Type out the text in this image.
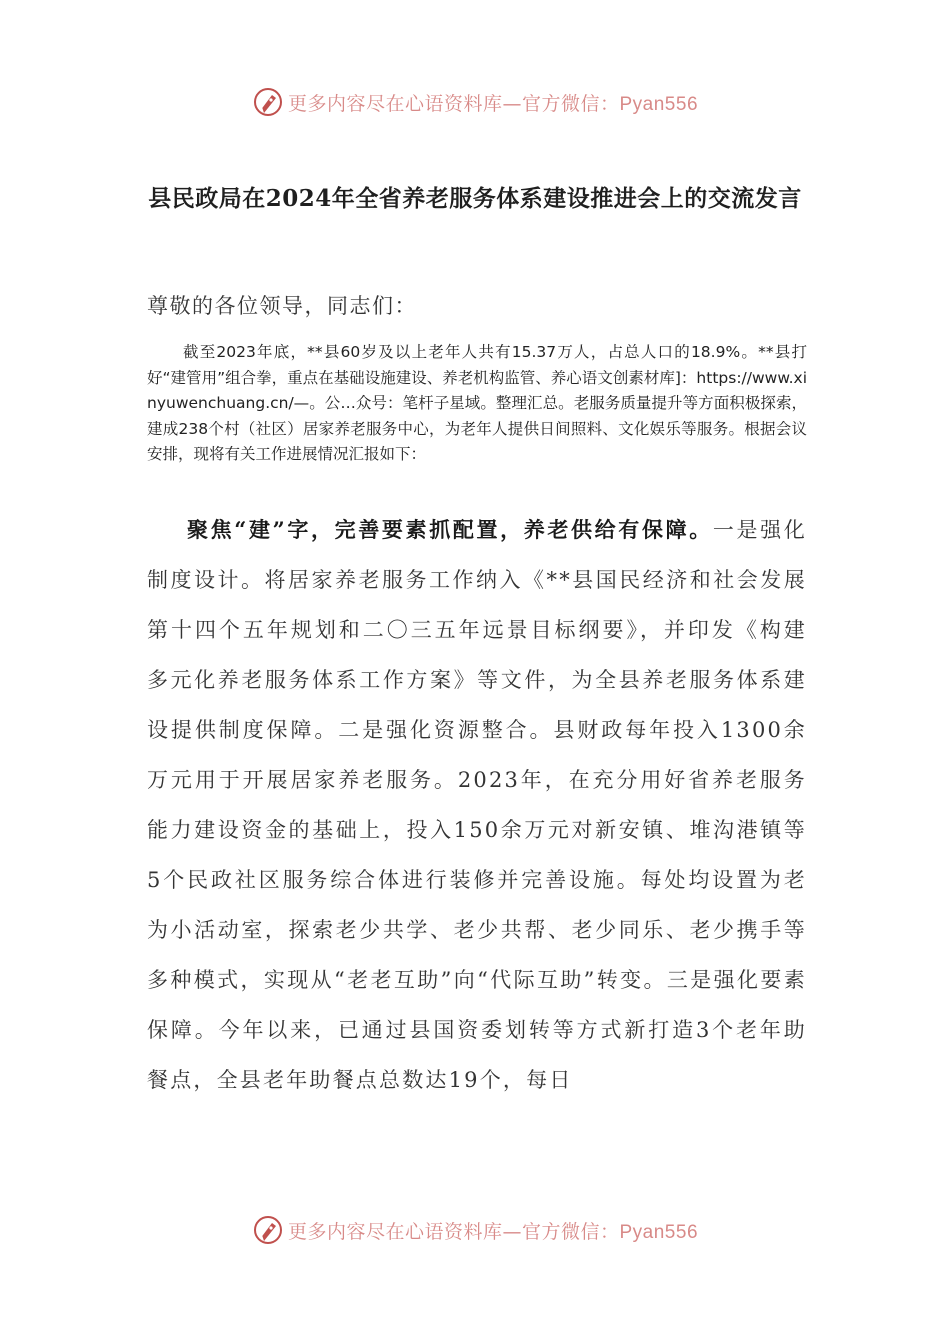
更多内容尽在心语资料库—官方微信：Pyan556
县民政局在2024年全省养老服务体系建设推进会上的交流发言
尊敬的各位领导，同志们：

截至2023年底，**县60岁及以上老年人共有15.37万人，占总人口的18.9%。**县打好“建管用”组合拳，重点在基础设施建设、养老机构监管、养心语文创素材库]：https://www.xinyuwenchuang.cn/—。公…众号：笔杆子星域。整理汇总。老服务质量提升等方面积极探索，建成238个村（社区）居家养老服务中心，为老年人提供日间照料、文化娱乐等服务。根据会议安排，现将有关工作进展情况汇报如下：

聚焦“建”字，完善要素抓配置，养老供给有保障。一是强化制度设计。将居家养老服务工作纳入《**县国民经济和社会发展第十四个五年规划和二〇三五年远景目标纲要》，并印发《构建多元化养老服务体系工作方案》等文件，为全县养老服务体系建设提供制度保障。二是强化资源整合。县财政每年投入1300余万元用于开展居家养老服务。2023年，在充分用好省养老服务能力建设资金的基础上，投入150余万元对新安镇、堆沟港镇等5个民政社区服务综合体进行装修并完善设施。每处均设置为老为小活动室，探索老少共学、老少共帮、老少同乐、老少携手等多种模式，实现从“老老互助”向“代际互助”转变。三是强化要素保障。今年以来，已通过县国资委划转等方式新打造3个老年助餐点，全县老年助餐点总数达19个，每日

更多内容尽在心语资料库—官方微信：Pyan556
